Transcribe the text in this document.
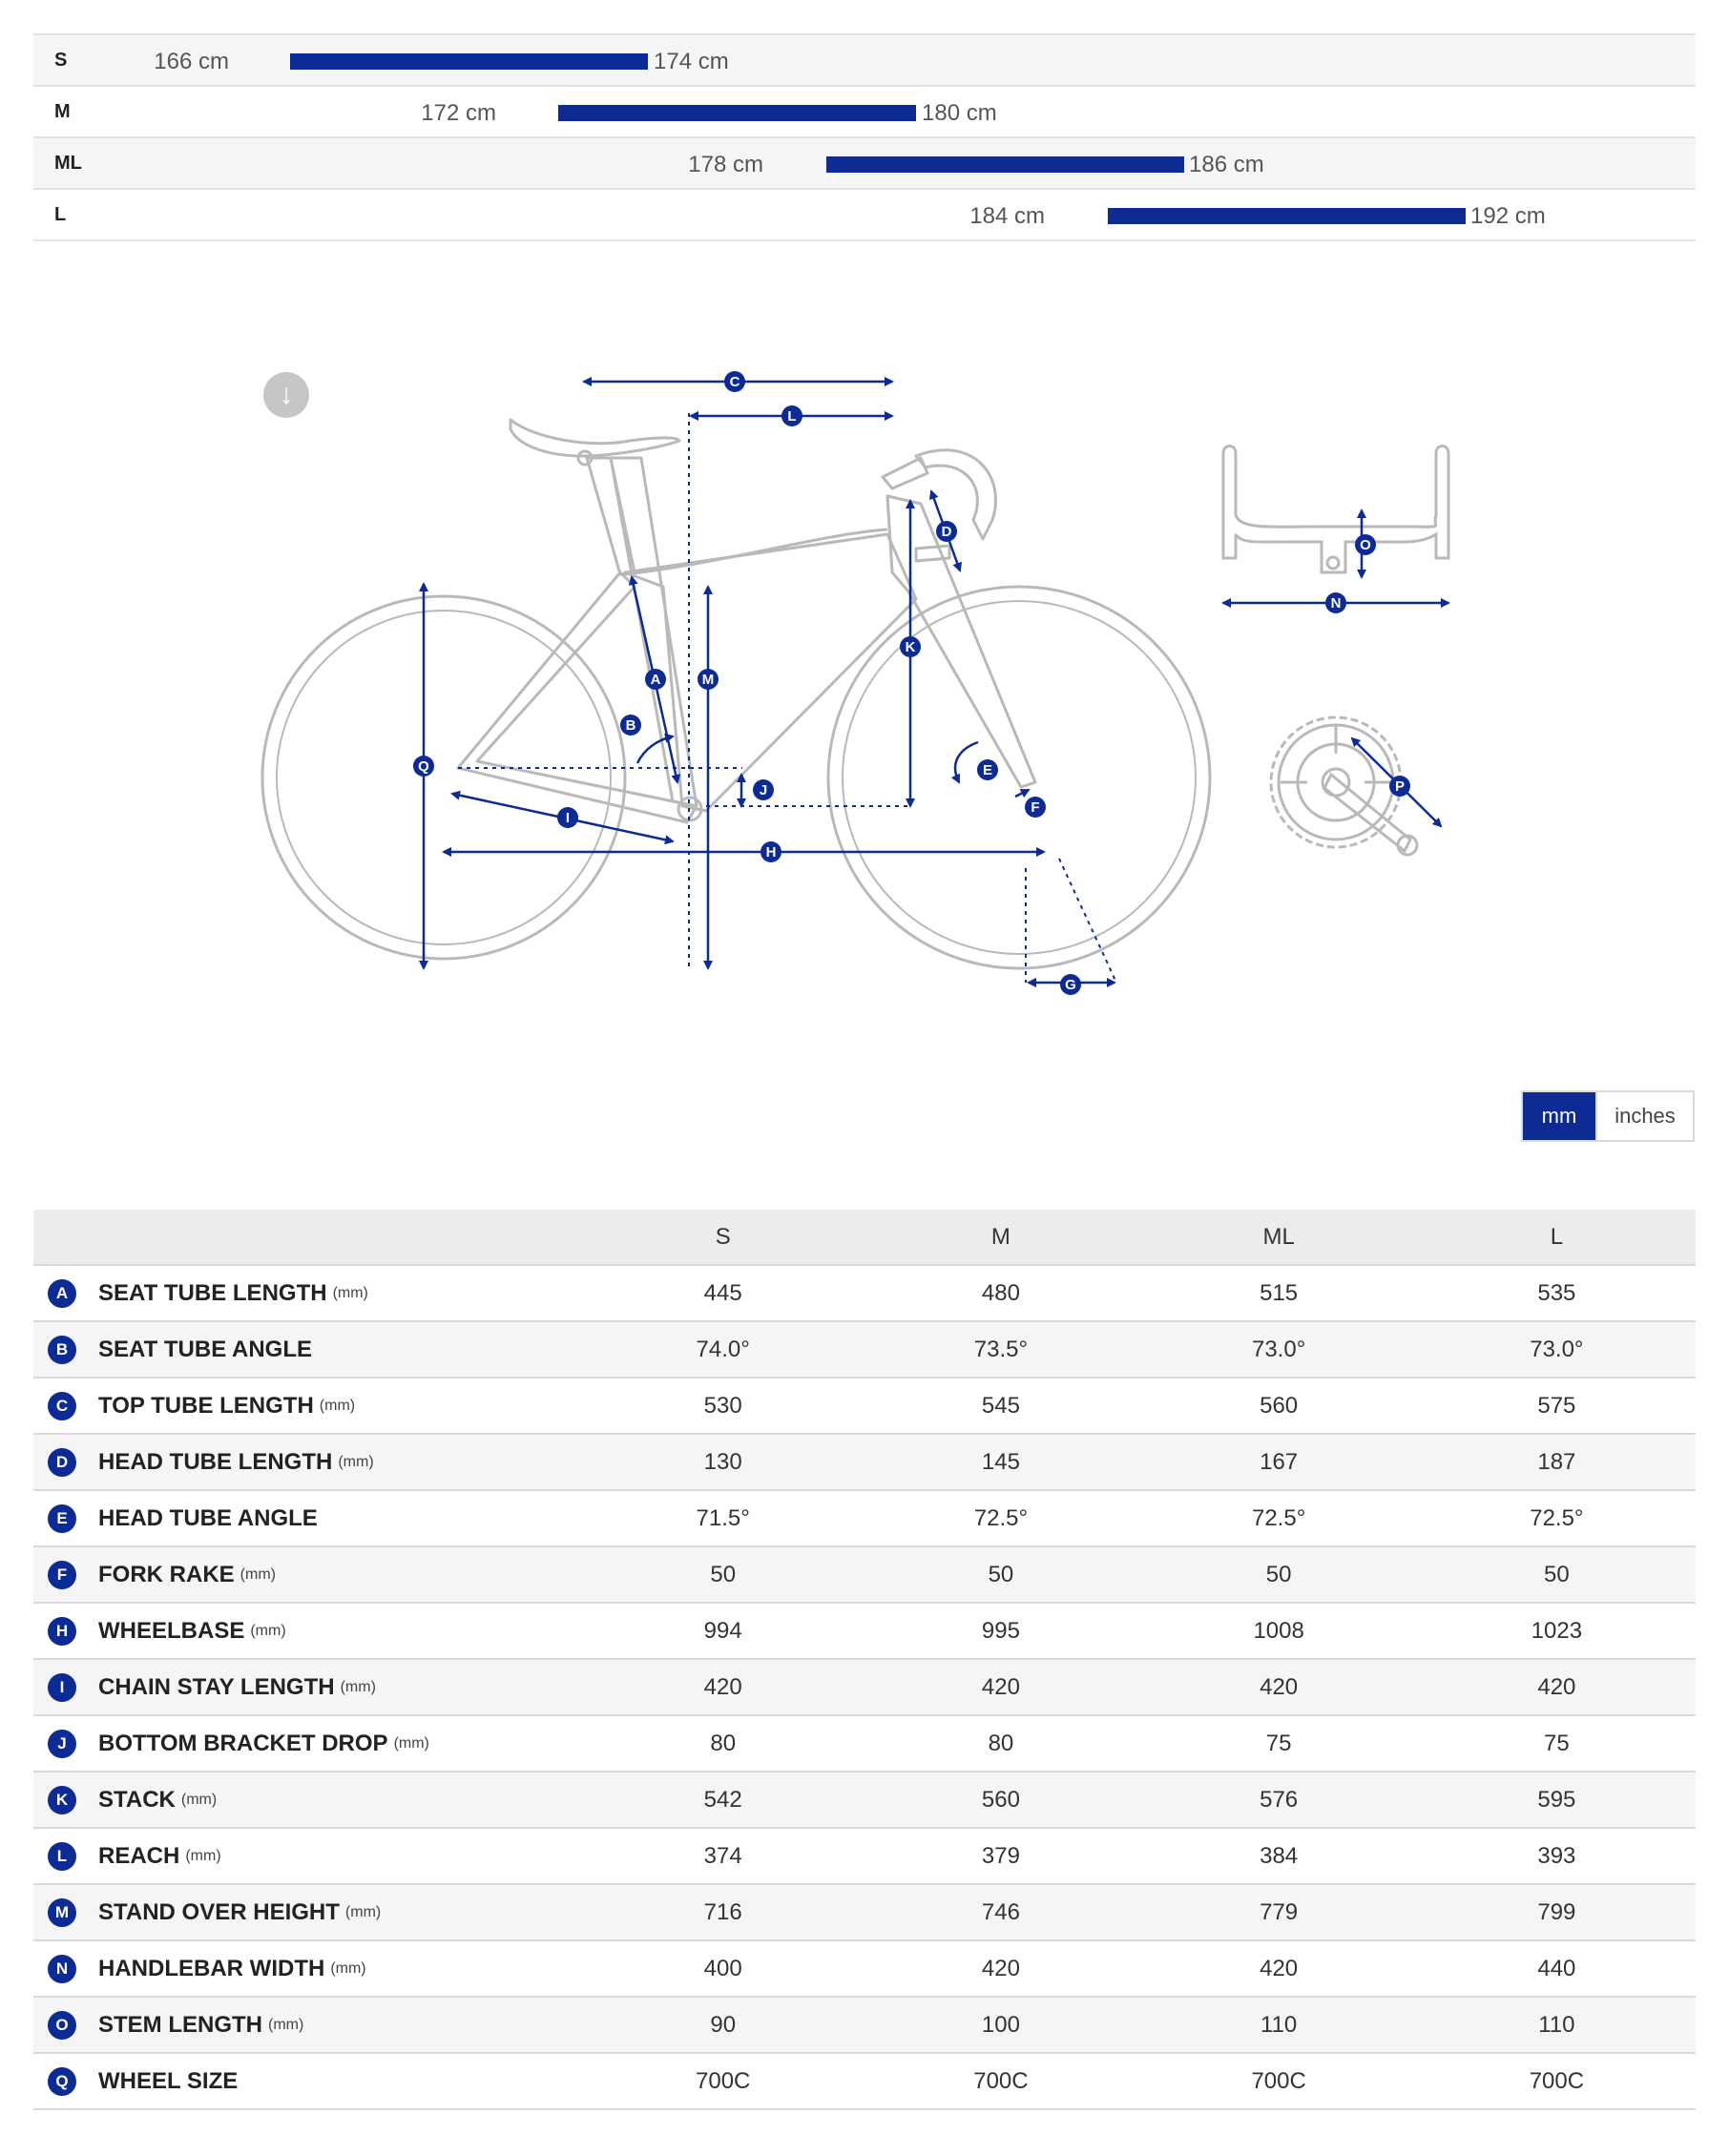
S	166 cm	174 cm
M	172 cm	180 cm
ML	178 cm	186 cm
L	184 cm	192 cm
↓	C
L
D
K
A	M
B
Q	E
J
F
I
H
G
O
N
P
mm	inches
	S	M	ML	L
A SEAT TUBE LENGTH (mm)	445	480	515	535
B SEAT TUBE ANGLE	74.0°	73.5°	73.0°	73.0°
C TOP TUBE LENGTH (mm)	530	545	560	575
D HEAD TUBE LENGTH (mm)	130	145	167	187
E HEAD TUBE ANGLE	71.5°	72.5°	72.5°	72.5°
F FORK RAKE (mm)	50	50	50	50
H WHEELBASE (mm)	994	995	1008	1023
I CHAIN STAY LENGTH (mm)	420	420	420	420
J BOTTOM BRACKET DROP (mm)	80	80	75	75
K STACK (mm)	542	560	576	595
L REACH (mm)	374	379	384	393
M STAND OVER HEIGHT (mm)	716	746	779	799
N HANDLEBAR WIDTH (mm)	400	420	420	440
O STEM LENGTH (mm)	90	100	110	110
Q WHEEL SIZE	700C	700C	700C	700C
